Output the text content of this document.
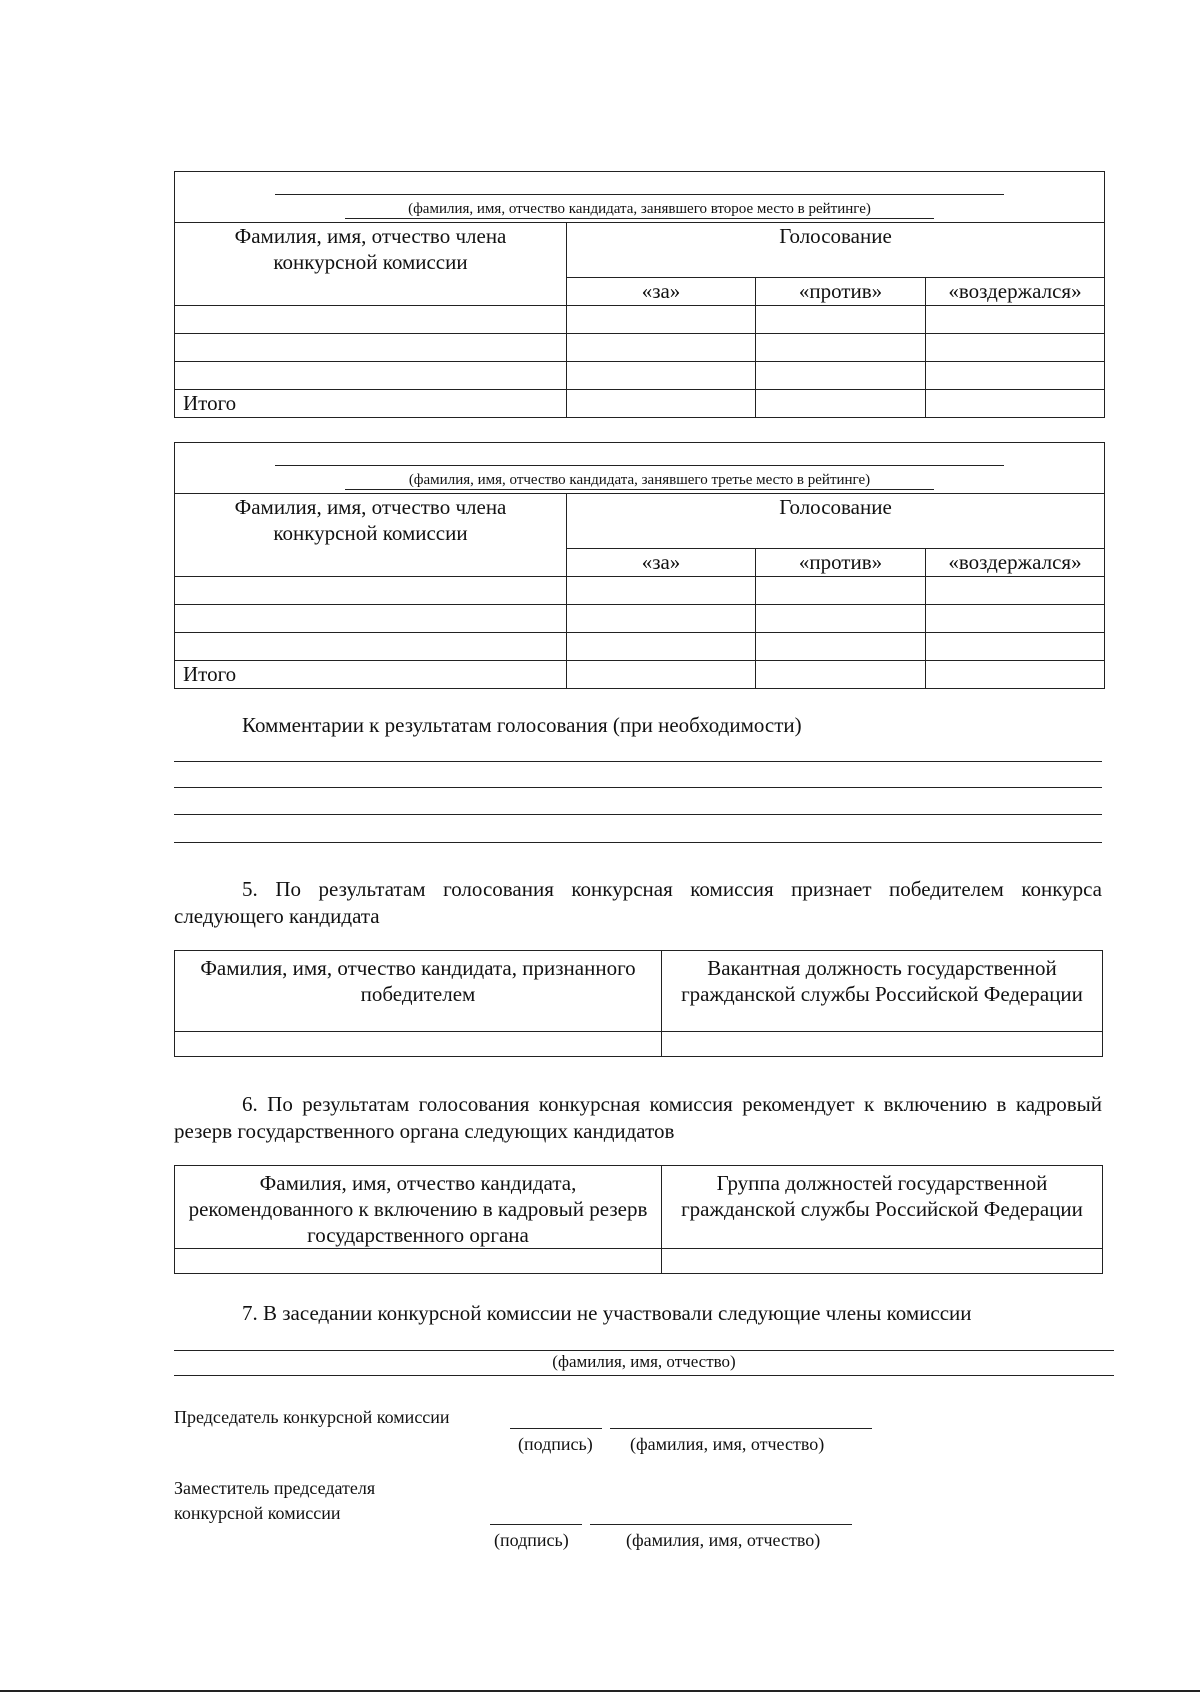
(фамилия, имя, отчество кандидата, занявшего второе место в рейтинге)			

Фамилия, имя, отчество члена конкурсной комиссии	Голосование		
	«за»	«против»	«воздержался»

Итого			
(фамилия, имя, отчество кандидата, занявшего третье место в рейтинге)			

Фамилия, имя, отчество члена конкурсной комиссии	Голосование		
	«за»	«против»	«воздержался»

Итого			
Комментарии к результатам голосования (при необходимости)
5. По результатам голосования конкурсная комиссия признает победителем конкурса следующего кандидата
Фамилия, имя, отчество кандидата, признанного победителем	Вакантная должность государственной гражданской службы Российской Федерации

6. По результатам голосования конкурсная комиссия рекомендует к включению в кадровый резерв государственного органа следующих кандидатов
Фамилия, имя, отчество кандидата, рекомендованного к включению в кадровый резерв государственного органа	Группа должностей государственной гражданской службы Российской Федерации

7. В заседании конкурсной комиссии не участвовали следующие члены комиссии
(фамилия, имя, отчество)
Председатель конкурсной комиссии
(подпись) (фамилия, имя, отчество)
Заместитель председателя
конкурсной комиссии
(подпись)	(фамилия, имя, отчество)
